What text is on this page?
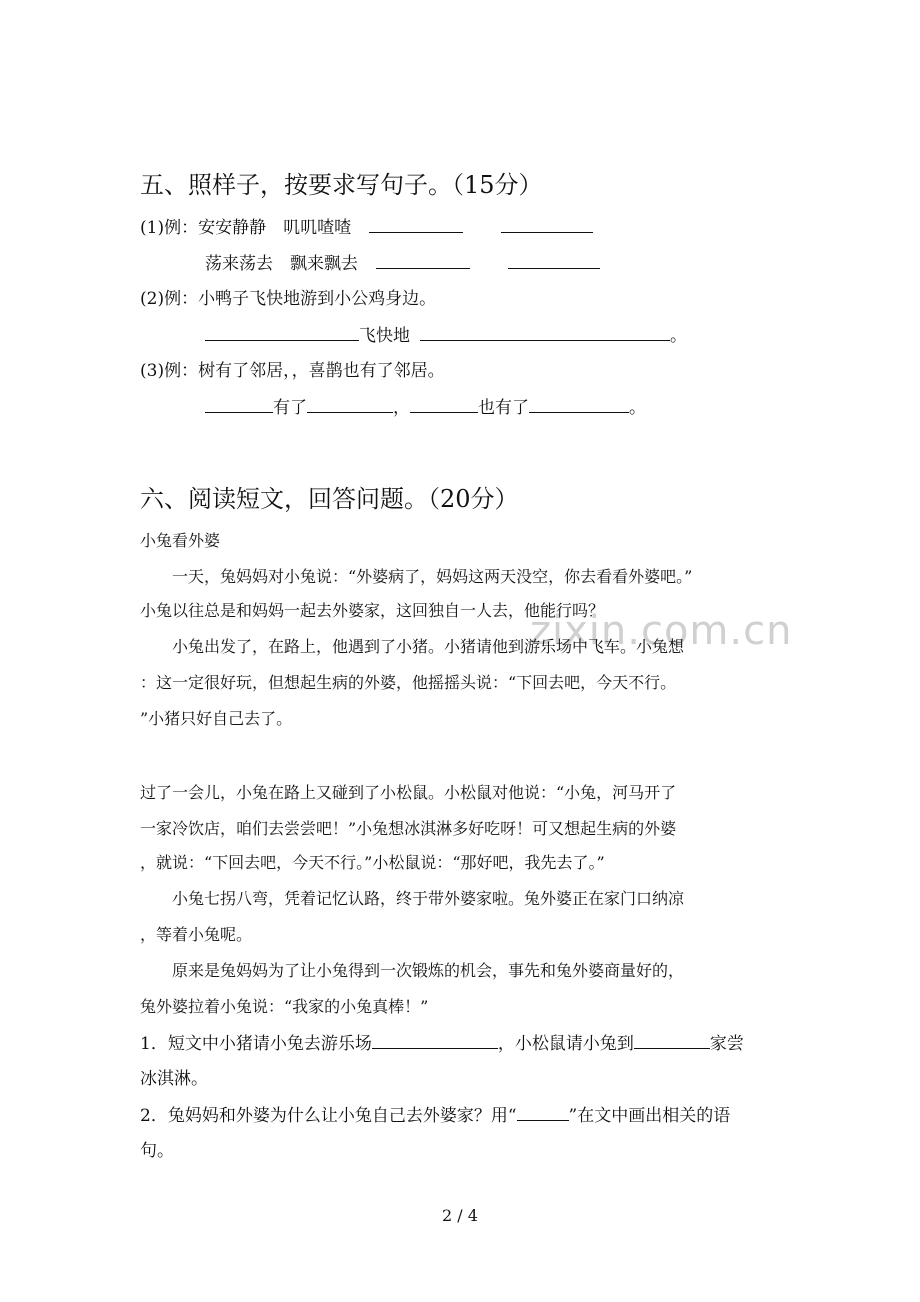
zixin.com.cn
五、照样子，按要求写句子。（15分）
(1)例：安安静静　叽叽喳喳
荡来荡去　飘来飘去
(2)例：小鸭子飞快地游到小公鸡身边。
飞快地	。
(3)例：树有了邻居，，喜鹊也有了邻居。
有了	，	也有了	。
六、阅读短文，回答问题。（20分）
小兔看外婆
一天，兔妈妈对小兔说：“外婆病了，妈妈这两天没空，你去看看外婆吧。”
小兔以往总是和妈妈一起去外婆家，这回独自一人去，他能行吗？
小兔出发了，在路上，他遇到了小猪。小猪请他到游乐场中飞车。小兔想
：这一定很好玩，但想起生病的外婆，他摇摇头说：“下回去吧，今天不行。
”小猪只好自己去了。
过了一会儿，小兔在路上又碰到了小松鼠。小松鼠对他说：“小兔，河马开了
一家冷饮店，咱们去尝尝吧！”小兔想冰淇淋多好吃呀！可又想起生病的外婆
，就说：“下回去吧，今天不行。”小松鼠说：“那好吧，我先去了。”
小兔七拐八弯，凭着记忆认路，终于带外婆家啦。兔外婆正在家门口纳凉
，等着小兔呢。
原来是兔妈妈为了让小兔得到一次锻炼的机会，事先和兔外婆商量好的，
兔外婆拉着小兔说：“我家的小兔真棒！”
1．短文中小猪请小兔去游乐场	，小松鼠请小兔到	家尝
冰淇淋。
2．兔妈妈和外婆为什么让小兔自己去外婆家？用“	”在文中画出相关的语
句。
2 / 4
